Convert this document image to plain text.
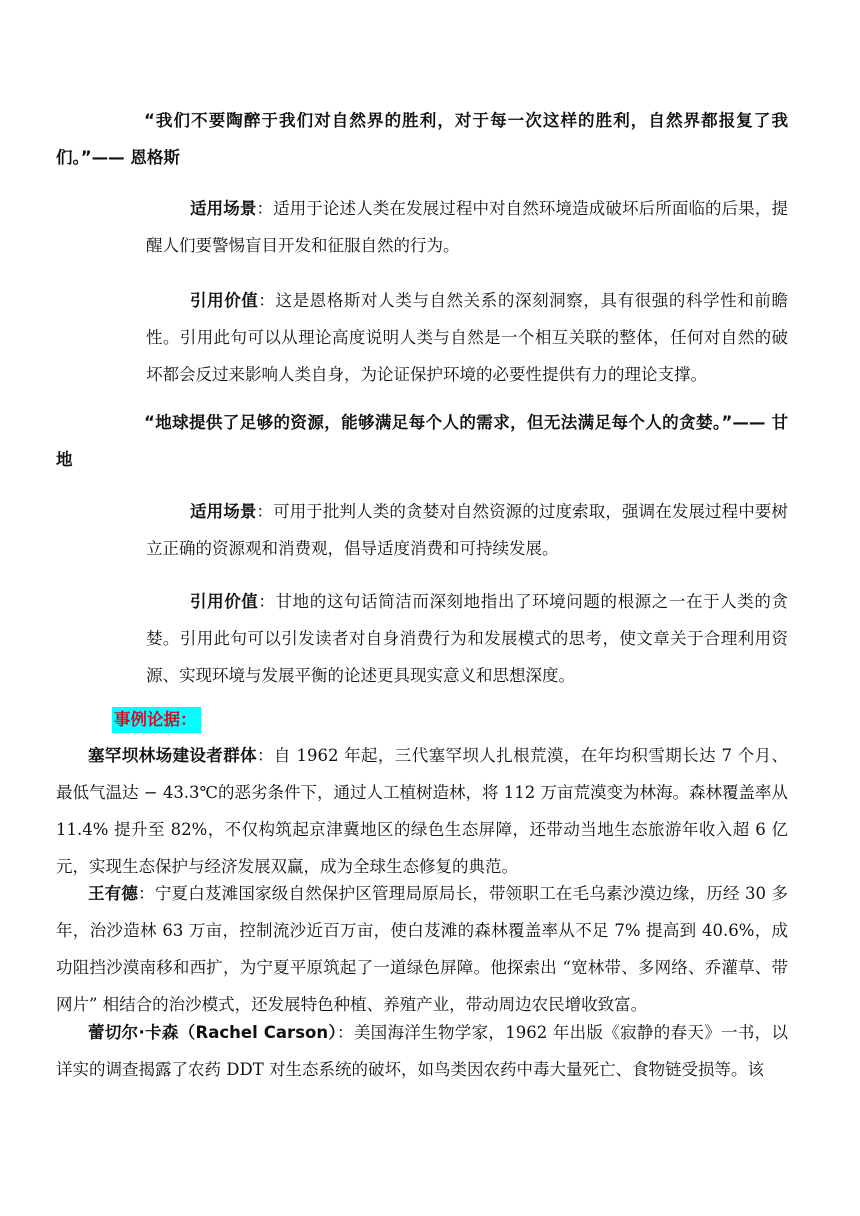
“我们不要陶醉于我们对自然界的胜利，对于每一次这样的胜利，自然界都报复了我们。”—— 恩格斯
适用场景：适用于论述人类在发展过程中对自然环境造成破坏后所面临的后果，提醒人们要警惕盲目开发和征服自然的行为。
引用价值：这是恩格斯对人类与自然关系的深刻洞察，具有很强的科学性和前瞻性。引用此句可以从理论高度说明人类与自然是一个相互关联的整体，任何对自然的破坏都会反过来影响人类自身，为论证保护环境的必要性提供有力的理论支撑。
“地球提供了足够的资源，能够满足每个人的需求，但无法满足每个人的贪婪。”—— 甘地
适用场景：可用于批判人类的贪婪对自然资源的过度索取，强调在发展过程中要树立正确的资源观和消费观，倡导适度消费和可持续发展。
引用价值：甘地的这句话简洁而深刻地指出了环境问题的根源之一在于人类的贪婪。引用此句可以引发读者对自身消费行为和发展模式的思考，使文章关于合理利用资源、实现环境与发展平衡的论述更具现实意义和思想深度。
事例论据：
塞罕坝林场建设者群体：自 1962 年起，三代塞罕坝人扎根荒漠，在年均积雪期长达 7 个月、最低气温达 − 43.3℃的恶劣条件下，通过人工植树造林，将 112 万亩荒漠变为林海。森林覆盖率从 11.4% 提升至 82%，不仅构筑起京津冀地区的绿色生态屏障，还带动当地生态旅游年收入超 6 亿元，实现生态保护与经济发展双赢，成为全球生态修复的典范。
王有德：宁夏白芨滩国家级自然保护区管理局原局长，带领职工在毛乌素沙漠边缘，历经 30 多年，治沙造林 63 万亩，控制流沙近百万亩，使白芨滩的森林覆盖率从不足 7% 提高到 40.6%，成功阻挡沙漠南移和西扩，为宁夏平原筑起了一道绿色屏障。他探索出 “宽林带、多网络、乔灌草、带网片” 相结合的治沙模式，还发展特色种植、养殖产业，带动周边农民增收致富。
蕾切尔·卡森（Rachel Carson）：美国海洋生物学家，1962 年出版《寂静的春天》一书，以详实的调查揭露了农药 DDT 对生态系统的破坏，如鸟类因农药中毒大量死亡、食物链受损等。该
